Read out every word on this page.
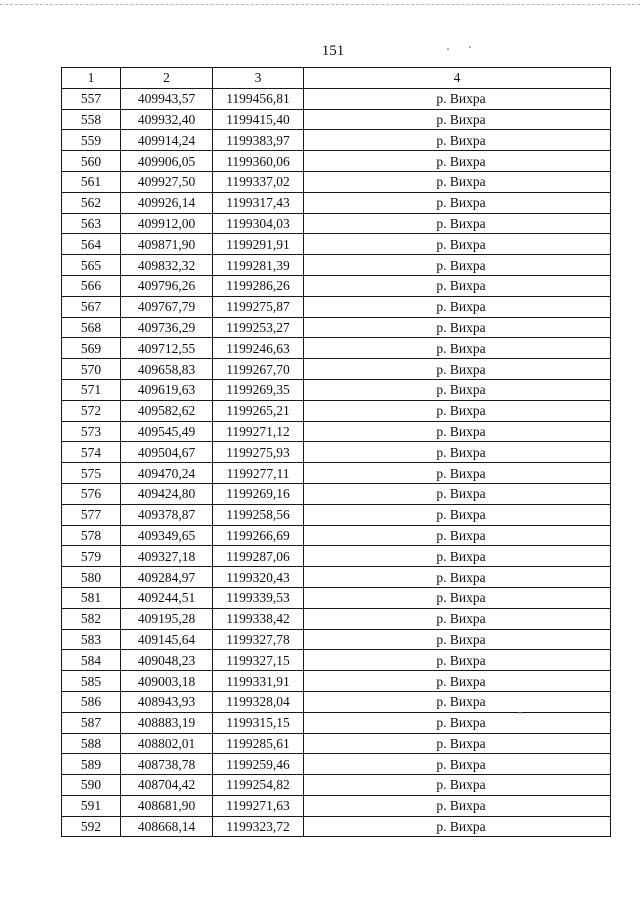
151
1	2	3	4
557	409943,57	1199456,81	р. Вихра
558	409932,40	1199415,40	р. Вихра
559	409914,24	1199383,97	р. Вихра
560	409906,05	1199360,06	р. Вихра
561	409927,50	1199337,02	р. Вихра
562	409926,14	1199317,43	р. Вихра
563	409912,00	1199304,03	р. Вихра
564	409871,90	1199291,91	р. Вихра
565	409832,32	1199281,39	р. Вихра
566	409796,26	1199286,26	р. Вихра
567	409767,79	1199275,87	р. Вихра
568	409736,29	1199253,27	р. Вихра
569	409712,55	1199246,63	р. Вихра
570	409658,83	1199267,70	р. Вихра
571	409619,63	1199269,35	р. Вихра
572	409582,62	1199265,21	р. Вихра
573	409545,49	1199271,12	р. Вихра
574	409504,67	1199275,93	р. Вихра
575	409470,24	1199277,11	р. Вихра
576	409424,80	1199269,16	р. Вихра
577	409378,87	1199258,56	р. Вихра
578	409349,65	1199266,69	р. Вихра
579	409327,18	1199287,06	р. Вихра
580	409284,97	1199320,43	р. Вихра
581	409244,51	1199339,53	р. Вихра
582	409195,28	1199338,42	р. Вихра
583	409145,64	1199327,78	р. Вихра
584	409048,23	1199327,15	р. Вихра
585	409003,18	1199331,91	р. Вихра
586	408943,93	1199328,04	р. Вихра
587	408883,19	1199315,15	р. Вихра
588	408802,01	1199285,61	р. Вихра
589	408738,78	1199259,46	р. Вихра
590	408704,42	1199254,82	р. Вихра
591	408681,90	1199271,63	р. Вихра
592	408668,14	1199323,72	р. Вихра
